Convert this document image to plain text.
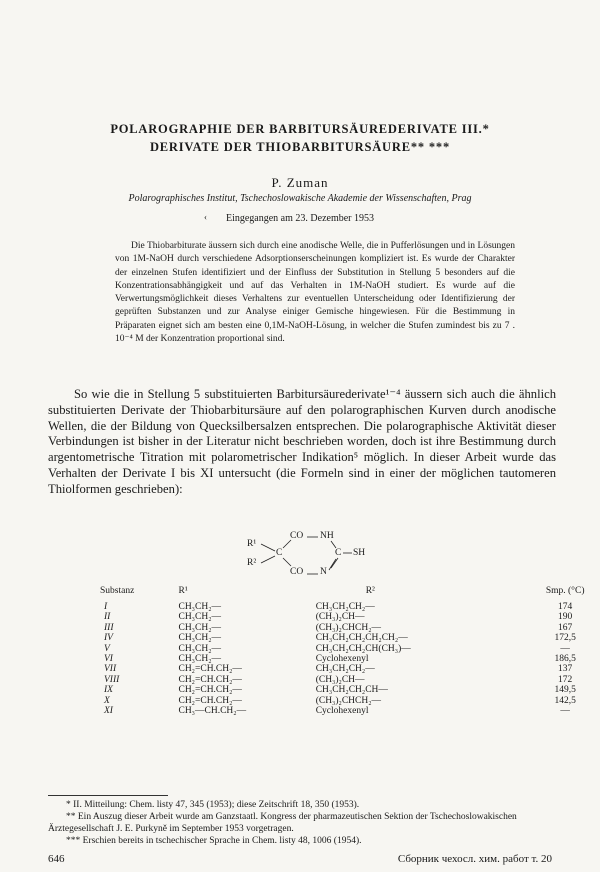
POLAROGRAPHIE DER BARBITURSÄUREDERIVATE III.*
DERIVATE DER THIOBARBITURSÄURE** ***
P. Zuman
Polarographisches Institut, Tschechoslowakische Akademie der Wissenschaften, Prag
‹	Eingegangen am 23. Dezember 1953
Die Thiobarbiturate äussern sich durch eine anodische Welle, die in Pufferlösungen und in Lösungen von 1M-NaOH durch verschiedene Adsorptionserscheinungen kompliziert ist. Es wurde der Charakter der einzelnen Stufen identifiziert und der Einfluss der Substitution in Stellung 5 besonders auf die Konzentrationsabhängigkeit und auf das Verhalten in 1M-NaOH studiert. Es wurde auf die Verwertungsmöglichkeit dieses Verhaltens zur eventuellen Unterscheidung oder Identifizierung der geprüften Substanzen und zur Analyse einiger Gemische hingewiesen. Für die Bestimmung in Präparaten eignet sich am besten eine 0,1M-NaOH-Lösung, in welcher die Stufen zumindest bis zu 7 . 10⁻⁴ M der Konzentration proportional sind.
So wie die in Stellung 5 substituierten Barbitursäurederivate¹⁻⁴ äussern sich auch die ähnlich substituierten Derivate der Thiobarbitursäure auf den polarographischen Kurven durch anodische Wellen, die der Bildung von Quecksilbersalzen entsprechen. Die polarographische Aktivität dieser Verbindungen ist bisher in der Literatur nicht beschrieben worden, doch ist ihre Bestimmung durch argentometrische Titration mit polarometrischer Indikation⁵ möglich. In dieser Arbeit wurde das Verhalten der Derivate I bis XI untersucht (die Formeln sind in einer der möglichen tautomeren Thiolformen geschrieben):
R¹
R²
C
CO NH
C SH
CO N
Substanz	R¹	R²	Smp. (°C)
I	CH₃CH₂—	CH₃CH₂CH₂—	174
II	CH₃CH₂—	(CH₃)₂CH—	190
III	CH₃CH₂—	(CH₃)₂CHCH₂—	167
IV	CH₃CH₂—	CH₃CH₂CH₂CH₂CH₂—	172,5
V	CH₃CH₂—	CH₃CH₂CH₂CH(CH₃)—	—
VI	CH₃CH₂—	Cyclohexenyl	186,5
VII	CH₂=CH.CH₂—	CH₃CH₂CH₂—	137
VIII	CH₂=CH.CH₂—	(CH₃)₂CH—	172
IX	CH₂=CH.CH₂—	CH₃CH₂CH₂CH—	149,5
X	CH₂=CH.CH₂—	(CH₃)₂CHCH₂—	142,5
XI	CH₃—CH.CH₂—	Cyclohexenyl	—
* II. Mitteilung: Chem. listy 47, 345 (1953); diese Zeitschrift 18, 350 (1953).
** Ein Auszug dieser Arbeit wurde am Ganzstaatl. Kongress der pharmazeutischen Sektion der Tschechoslowakischen Ärztegesellschaft J. E. Purkyně im September 1953 vorgetragen.
*** Erschien bereits in tschechischer Sprache in Chem. listy 48, 1006 (1954).
646	Сборник чехосл. хим. работ т. 20
